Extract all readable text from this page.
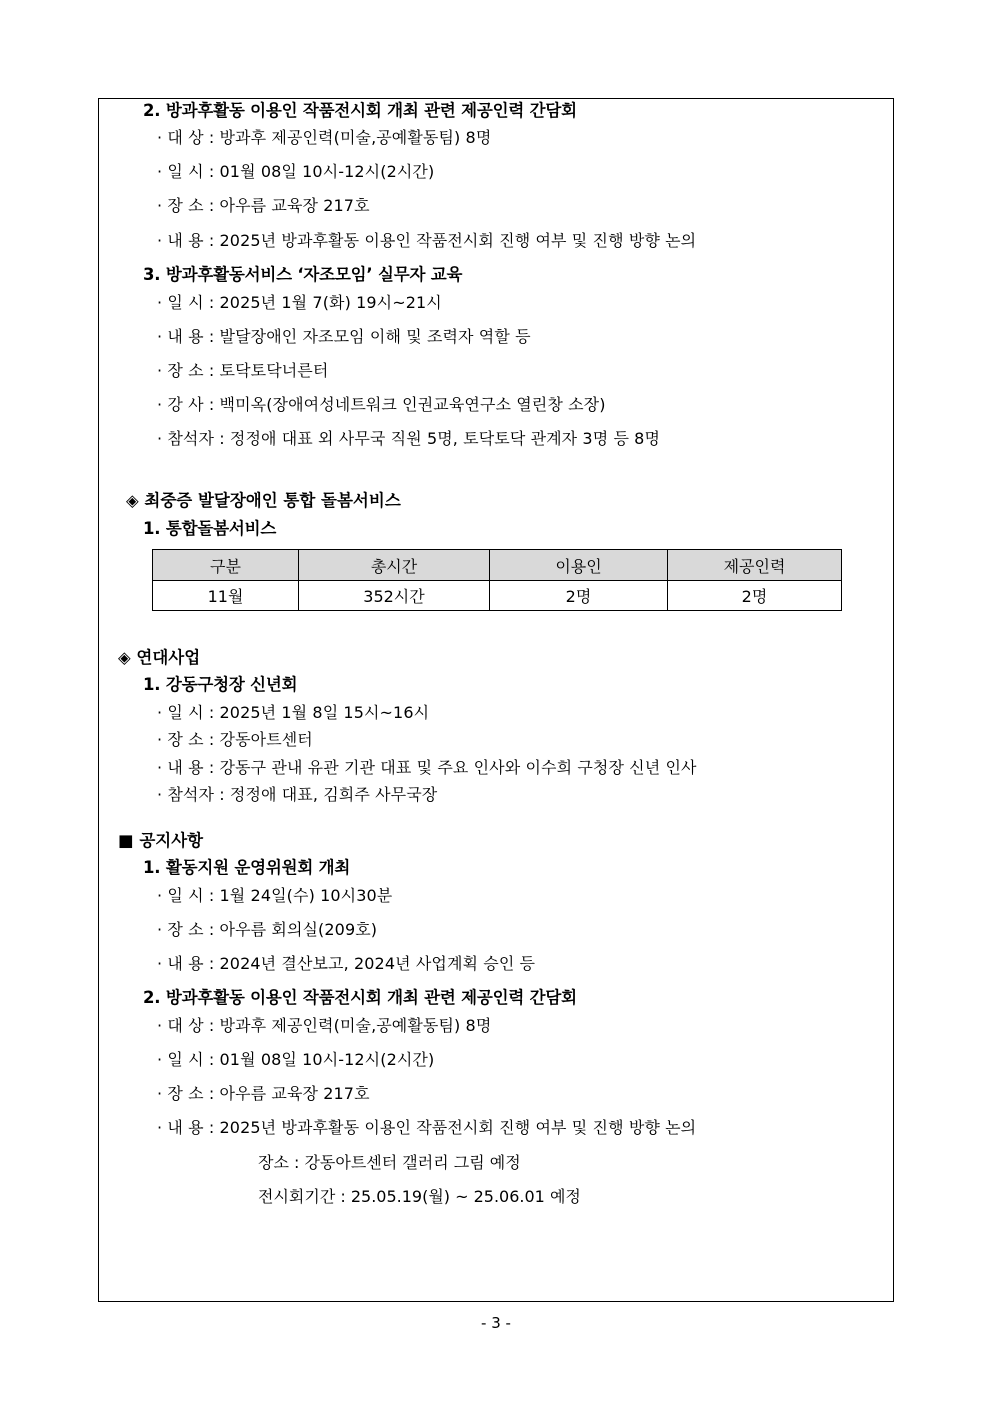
2. 방과후활동 이용인 작품전시회 개최 관련 제공인력 간담회
· 대 상 : 방과후 제공인력(미술,공예활동팀) 8명
· 일 시 : 01월 08일 10시-12시(2시간)
· 장 소 : 아우름 교육장 217호
· 내 용 : 2025년 방과후활동 이용인 작품전시회 진행 여부 및 진행 방향 논의
3. 방과후활동서비스 ‘자조모임’ 실무자 교육
· 일 시 : 2025년 1월 7(화) 19시~21시
· 내 용 : 발달장애인 자조모임 이해 및 조력자 역할 등
· 장 소 : 토닥토닥너른터
· 강 사 : 백미옥(장애여성네트워크 인권교육연구소 열린창 소장)
· 참석자 : 정정애 대표 외 사무국 직원 5명, 토닥토닥 관계자 3명 등 8명
◈ 최중증 발달장애인 통합 돌봄서비스
1. 통합돌봄서비스
구분	총시간	이용인	제공인력
11월	352시간	2명	2명
◈ 연대사업
1. 강동구청장 신년회
· 일 시 : 2025년 1월 8일 15시~16시
· 장 소 : 강동아트센터
· 내 용 : 강동구 관내 유관 기관 대표 및 주요 인사와 이수희 구청장 신년 인사
· 참석자 : 정정애 대표, 김희주 사무국장
■ 공지사항
1. 활동지원 운영위원회 개최
· 일 시 : 1월 24일(수) 10시30분
· 장 소 : 아우름 회의실(209호)
· 내 용 : 2024년 결산보고, 2024년 사업계획 승인 등
2. 방과후활동 이용인 작품전시회 개최 관련 제공인력 간담회
· 대 상 : 방과후 제공인력(미술,공예활동팀) 8명
· 일 시 : 01월 08일 10시-12시(2시간)
· 장 소 : 아우름 교육장 217호
· 내 용 : 2025년 방과후활동 이용인 작품전시회 진행 여부 및 진행 방향 논의
장소 : 강동아트센터 갤러리 그림 예정
전시회기간 : 25.05.19(월) ~ 25.06.01 예정
- 3 -
